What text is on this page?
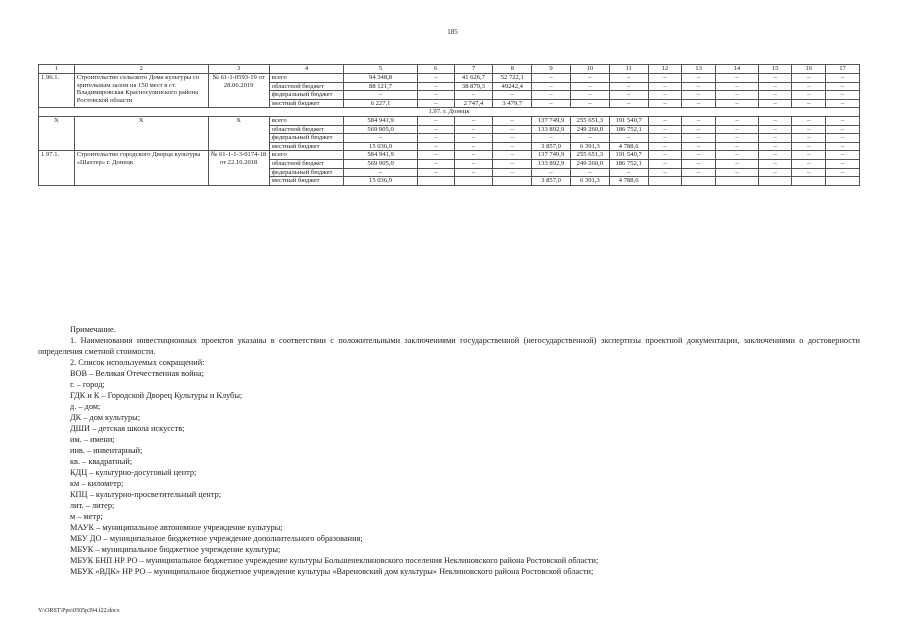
185
1	2	3	4	5	6	7	8	9	10	11	12	13	14	15	16	17
1.96.1.	Строительство сельского Дома культуры со зрительным залом на 150 мест в ст. Владимировская Красносулинского района Ростовской области	№ 61-1-0593-19 от 28.06.2019	всего	94 348,8	–	41 626,7	52 722,1	–	–	–	–	–	–	–	–	–
			областной бюджет	88 121,7	–	38 879,3	49242,4	–	–	–	–	–	–	–	–	–
			федеральный бюджет	–	–	–	–	–	–	–	–	–	–	–	–	–
			местный бюджет	6 227,1	–	2 747,4	3 479,7	–	–	–	–	–	–	–	–	–
1.97. г. Донецк																
Х	Х	Х	всего	584 941,9	–	–	–	137 749,9	255 651,3	191 540,7	–	–	–	–	–	–
			областной бюджет	569 905,0	–	–	–	133 892,9	249 260,0	186 752,1	–	–	–	–	–	–
			федеральный бюджет	–	–	–	–	–	–	–	–	–	–	–	–	–
			местный бюджет	15 036,9	–	–	–	3 857,0	6 391,3	4 788,6	–	–	–	–	–	–
1.97.1.	Строительство городского Дворца культуры «Шахтер» г. Донецк	№ 61-1-1-3-0174-18 от 22.10.2018	всего	584 941,9	–	–	–	137 749,9	255 651,3	191 540,7	–	–	–	–	–	–
			областной бюджет	569 905,0	–	–	–	133 892,9	249 260,0	186 752,1	–	–	–	–	–	–
			федеральный бюджет	–	–	–	–	–	–	–	–	–	–	–	–	–
			местный бюджет	15 036,9				3 857,0	6 391,3	4 788,6						

Примечание.

1. Наименования инвестиционных проектов указаны в соответствии с положительными заключениями государственной (негосударственной) экспертизы проектной документации, заключениями о достоверности определения сметной стоимости.

2. Список используемых сокращений:

ВОВ – Великая Отечественная война;

г. – город;

ГДК и К – Городской Дворец Культуры и Клубы;

д. – дом;

ДК – дом культуры;

ДШИ – детская школа искусств;

им. – имени;

инв. – инвентарный;

кв. – квадратный;

КДЦ – культурно-досуговый центр;

км – километр;

КПЦ – культурно-просветительный центр;

лит. – литер;

м – метр;

МАУК – муниципальное автономное учреждение культуры;

МБУ ДО – муниципальное бюджетное учреждение дополнительного образования;

МБУК – муниципальное бюджетное учреждение культуры;

МБУК БНП НР РО – муниципальное бюджетное учреждение культуры Большенеклиновского поселения Неклиновского района Ростовской области;

МБУК «ВДК» НР РО – муниципальное бюджетное учреждение культуры «Вареновский дом культуры» Неклиновского района Ростовской области;

Y:\ORST\Ppo\0505p394.f22.docx
